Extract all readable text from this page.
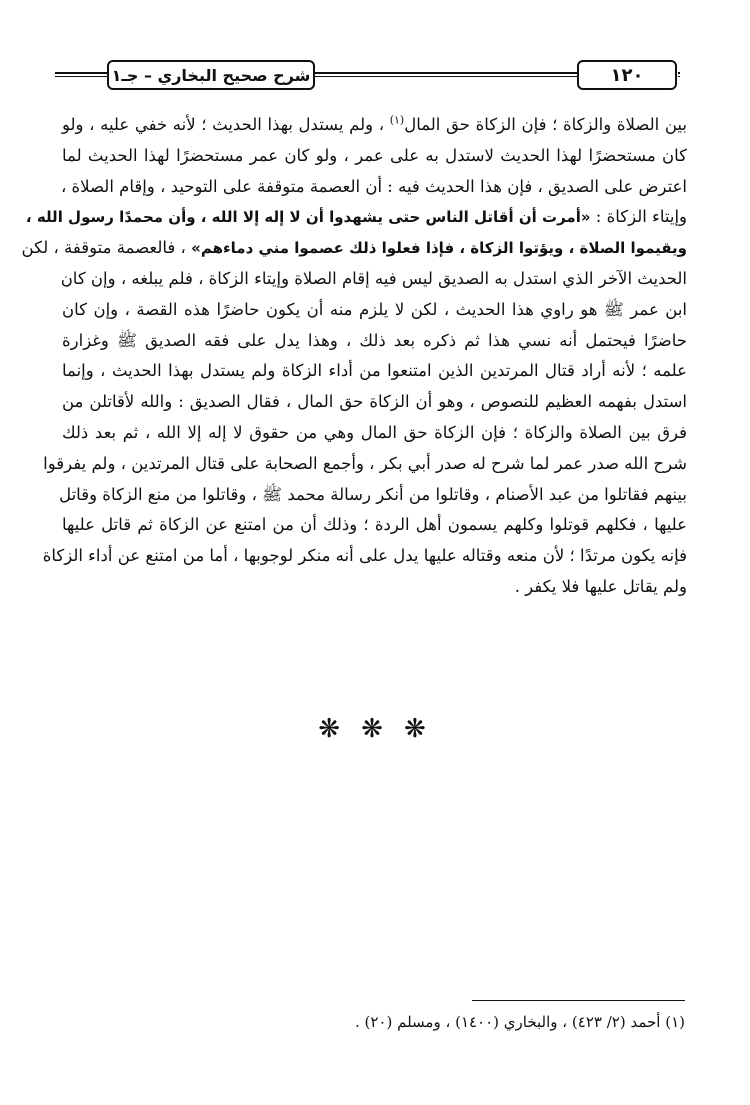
شرح صحيح البخاري – جـ١	١٢٠
بين الصلاة والزكاة ؛ فإن الزكاة حق المال$^{(١)}$ ، ولم يستدل بهذا الحديث ؛ لأنه خفي عليه ، ولو
كان مستحضرًا لهذا الحديث لاستدل به على عمر ، ولو كان عمر مستحضرًا لهذا الحديث لما
اعترض على الصديق ، فإن هذا الحديث فيه : أن العصمة متوقفة على التوحيد ، وإقام الصلاة ،
وإيتاء الزكاة : «أمرت أن أقاتل الناس حتى يشهدوا أن لا إله إلا الله ، وأن محمدًا رسول الله ،
ويقيموا الصلاة ، ويؤتوا الزكاة ، فإذا فعلوا ذلك عصموا مني دماءهم» ، فالعصمة متوقفة ، لكن
الحديث الآخر الذي استدل به الصديق ليس فيه إقام الصلاة وإيتاء الزكاة ، فلم يبلغه ، وإن كان
ابن عمر ﷺ هو راوي هذا الحديث ، لكن لا يلزم منه أن يكون حاضرًا هذه القصة ، وإن كان
حاضرًا فيحتمل أنه نسي هذا ثم ذكره بعد ذلك ، وهذا يدل على فقه الصديق ﷺ وغزارة
علمه ؛ لأنه أراد قتال المرتدين الذين امتنعوا من أداء الزكاة ولم يستدل بهذا الحديث ، وإنما
استدل بفهمه العظيم للنصوص ، وهو أن الزكاة حق المال ، فقال الصديق : والله لأقاتلن من
فرق بين الصلاة والزكاة ؛ فإن الزكاة حق المال وهي من حقوق لا إله إلا الله ، ثم بعد ذلك
شرح الله صدر عمر لما شرح له صدر أبي بكر ، وأجمع الصحابة على قتال المرتدين ، ولم يفرقوا
بينهم فقاتلوا من عبد الأصنام ، وقاتلوا من أنكر رسالة محمد ﷺ ، وقاتلوا من منع الزكاة وقاتل
عليها ، فكلهم قوتلوا وكلهم يسمون أهل الردة ؛ وذلك أن من امتنع عن الزكاة ثم قاتل عليها
فإنه يكون مرتدًا ؛ لأن منعه وقتاله عليها يدل على أنه منكر لوجوبها ، أما من امتنع عن أداء الزكاة
ولم يقاتل عليها فلا يكفر .
❋ ❋ ❋
(١) أحمد (٢/ ٤٢٣) ، والبخاري (١٤٠٠) ، ومسلم (٢٠) .
